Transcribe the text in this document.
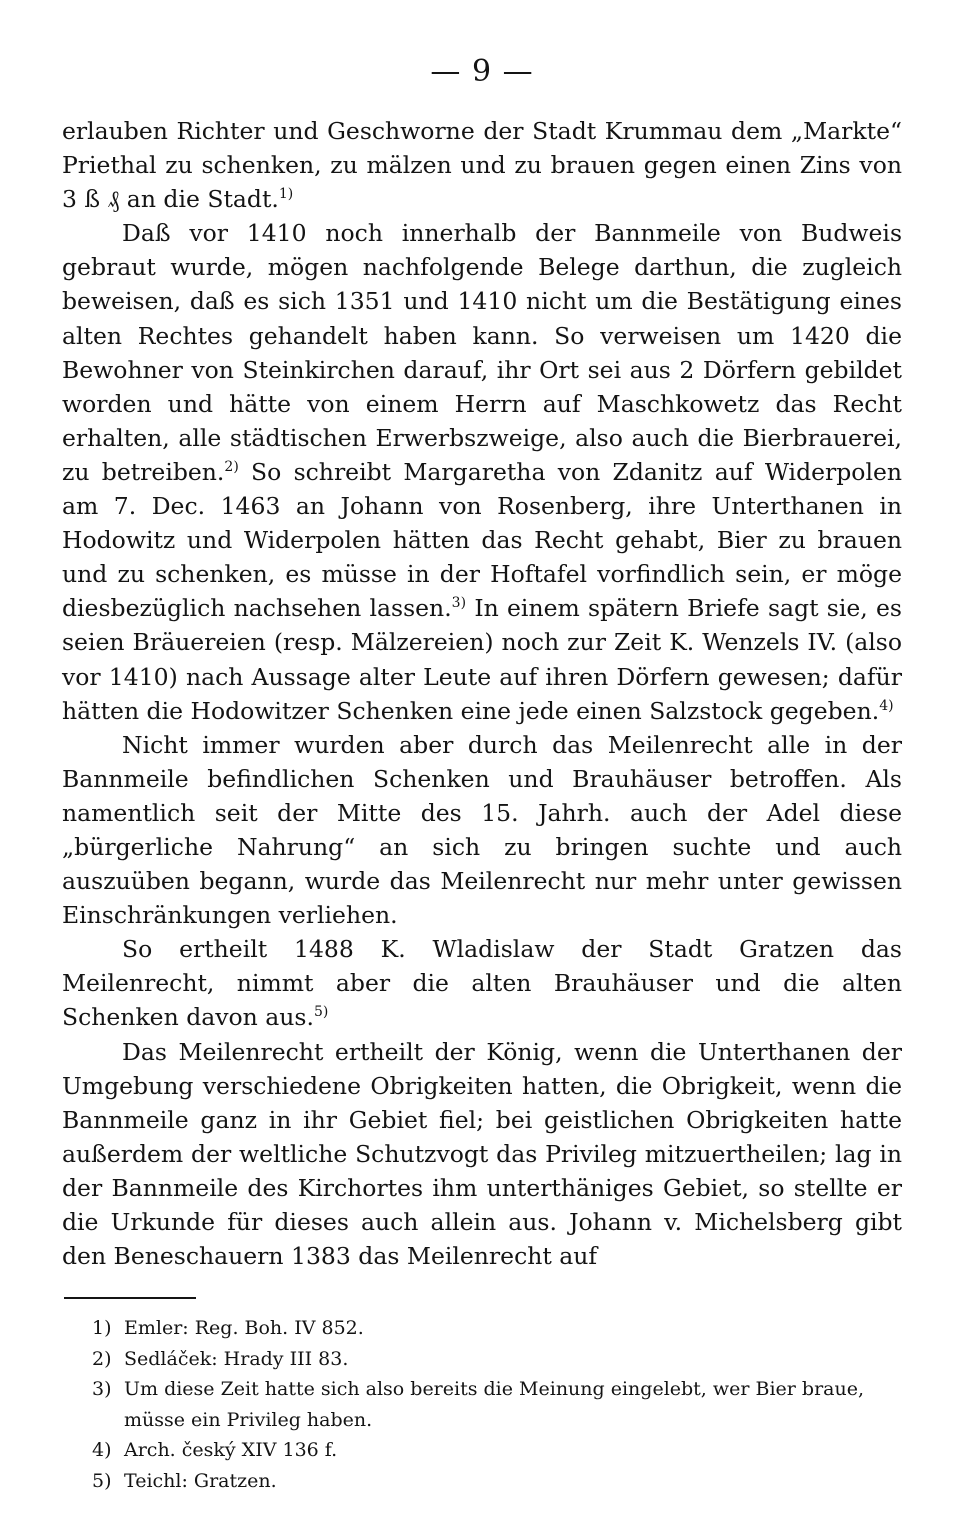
— 9 —

erlauben Richter und Geschworne der Stadt Krummau dem „Markte“ Priethal zu schenken, zu mälzen und zu brauen gegen einen Zins von 3 ß ₰ an die Stadt.$^{1)}$

Daß vor 1410 noch innerhalb der Bannmeile von Budweis gebraut wurde, mögen nachfolgende Belege darthun, die zugleich beweisen, daß es sich 1351 und 1410 nicht um die Bestätigung eines alten Rechtes gehandelt haben kann. So verweisen um 1420 die Bewohner von Steinkirchen darauf, ihr Ort sei aus 2 Dörfern gebildet worden und hätte von einem Herrn auf Maschkowetz das Recht erhalten, alle städtischen Erwerbszweige, also auch die Bierbrauerei, zu betreiben.$^{2)}$ So schreibt Margaretha von Zdanitz auf Widerpolen am 7. Dec. 1463 an Johann von Rosenberg, ihre Unterthanen in Hodowitz und Widerpolen hätten das Recht gehabt, Bier zu brauen und zu schenken, es müsse in der Hoftafel vorfindlich sein, er möge diesbezüglich nachsehen lassen.$^{3)}$ In einem spätern Briefe sagt sie, es seien Bräuereien (resp. Mälzereien) noch zur Zeit K. Wenzels IV. (also vor 1410) nach Aussage alter Leute auf ihren Dörfern gewesen; dafür hätten die Hodowitzer Schenken eine jede einen Salzstock gegeben.$^{4)}$

Nicht immer wurden aber durch das Meilenrecht alle in der Bannmeile befindlichen Schenken und Brauhäuser betroffen. Als namentlich seit der Mitte des 15. Jahrh. auch der Adel diese „bürgerliche Nahrung“ an sich zu bringen suchte und auch auszuüben begann, wurde das Meilenrecht nur mehr unter gewissen Einschränkungen verliehen.

So ertheilt 1488 K. Wladislaw der Stadt Gratzen das Meilenrecht, nimmt aber die alten Brauhäuser und die alten Schenken davon aus.$^{5)}$

Das Meilenrecht ertheilt der König, wenn die Unterthanen der Umgebung verschiedene Obrigkeiten hatten, die Obrigkeit, wenn die Bannmeile ganz in ihr Gebiet fiel; bei geistlichen Obrigkeiten hatte außerdem der weltliche Schutzvogt das Privileg mitzuertheilen; lag in der Bannmeile des Kirchortes ihm unterthäniges Gebiet, so stellte er die Urkunde für dieses auch allein aus. Johann v. Michelsberg gibt den Beneschauern 1383 das Meilenrecht auf

1) Emler: Reg. Boh. IV 852.
2) Sedláček: Hrady III 83.
3) Um diese Zeit hatte sich also bereits die Meinung eingelebt, wer Bier braue, müsse ein Privileg haben.
4) Arch. český XIV 136 f.
5) Teichl: Gratzen.
